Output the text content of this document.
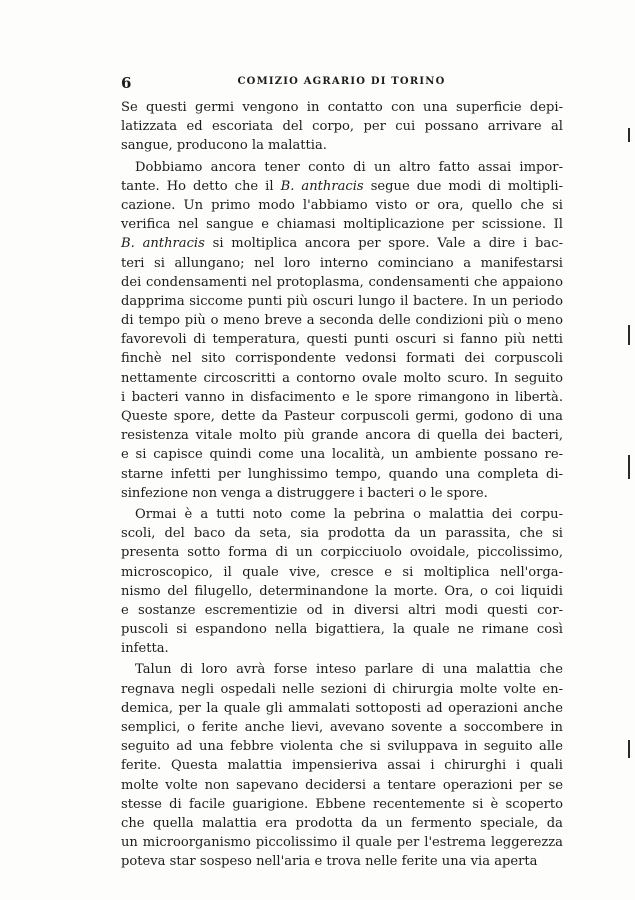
6	COMIZIO AGRARIO DI TORINO
Se questi germi vengono in contatto con una superficie depi-
latizzata ed escoriata del corpo, per cui possano arrivare al
sangue, producono la malattia.
Dobbiamo ancora tener conto di un altro fatto assai impor-
tante. Ho detto che il B. anthracis segue due modi di moltipli-
cazione. Un primo modo l'abbiamo visto or ora, quello che si
verifica nel sangue e chiamasi moltiplicazione per scissione. Il
B. anthracis si moltiplica ancora per spore. Vale a dire i bac-
teri si allungano; nel loro interno cominciano a manifestarsi
dei condensamenti nel protoplasma, condensamenti che appaiono
dapprima siccome punti più oscuri lungo il bactere. In un periodo
di tempo più o meno breve a seconda delle condizioni più o meno
favorevoli di temperatura, questi punti oscuri si fanno più netti
finchè nel sito corrispondente vedonsi formati dei corpuscoli
nettamente circoscritti a contorno ovale molto scuro. In seguito
i bacteri vanno in disfacimento e le spore rimangono in libertà.
Queste spore, dette da Pasteur corpuscoli germi, godono di una
resistenza vitale molto più grande ancora di quella dei bacteri,
e si capisce quindi come una località, un ambiente possano re-
starne infetti per lunghissimo tempo, quando una completa di-
sinfezione non venga a distruggere i bacteri o le spore.
Ormai è a tutti noto come la pebrina o malattia dei corpu-
scoli, del baco da seta, sia prodotta da un parassita, che si
presenta sotto forma di un corpicciuolo ovoidale, piccolissimo,
microscopico, il quale vive, cresce e si moltiplica nell'orga-
nismo del filugello, determinandone la morte. Ora, o coi liquidi
e sostanze escrementizie od in diversi altri modi questi cor-
puscoli si espandono nella bigattiera, la quale ne rimane così
infetta.
Talun di loro avrà forse inteso parlare di una malattia che
regnava negli ospedali nelle sezioni di chirurgia molte volte en-
demica, per la quale gli ammalati sottoposti ad operazioni anche
semplici, o ferite anche lievi, avevano sovente a soccombere in
seguito ad una febbre violenta che si sviluppava in seguito alle
ferite. Questa malattia impensieriva assai i chirurghi i quali
molte volte non sapevano decidersi a tentare operazioni per se
stesse di facile guarigione. Ebbene recentemente si è scoperto
che quella malattia era prodotta da un fermento speciale, da
un microorganismo piccolissimo il quale per l'estrema leggerezza
poteva star sospeso nell'aria e trova nelle ferite una via aperta
